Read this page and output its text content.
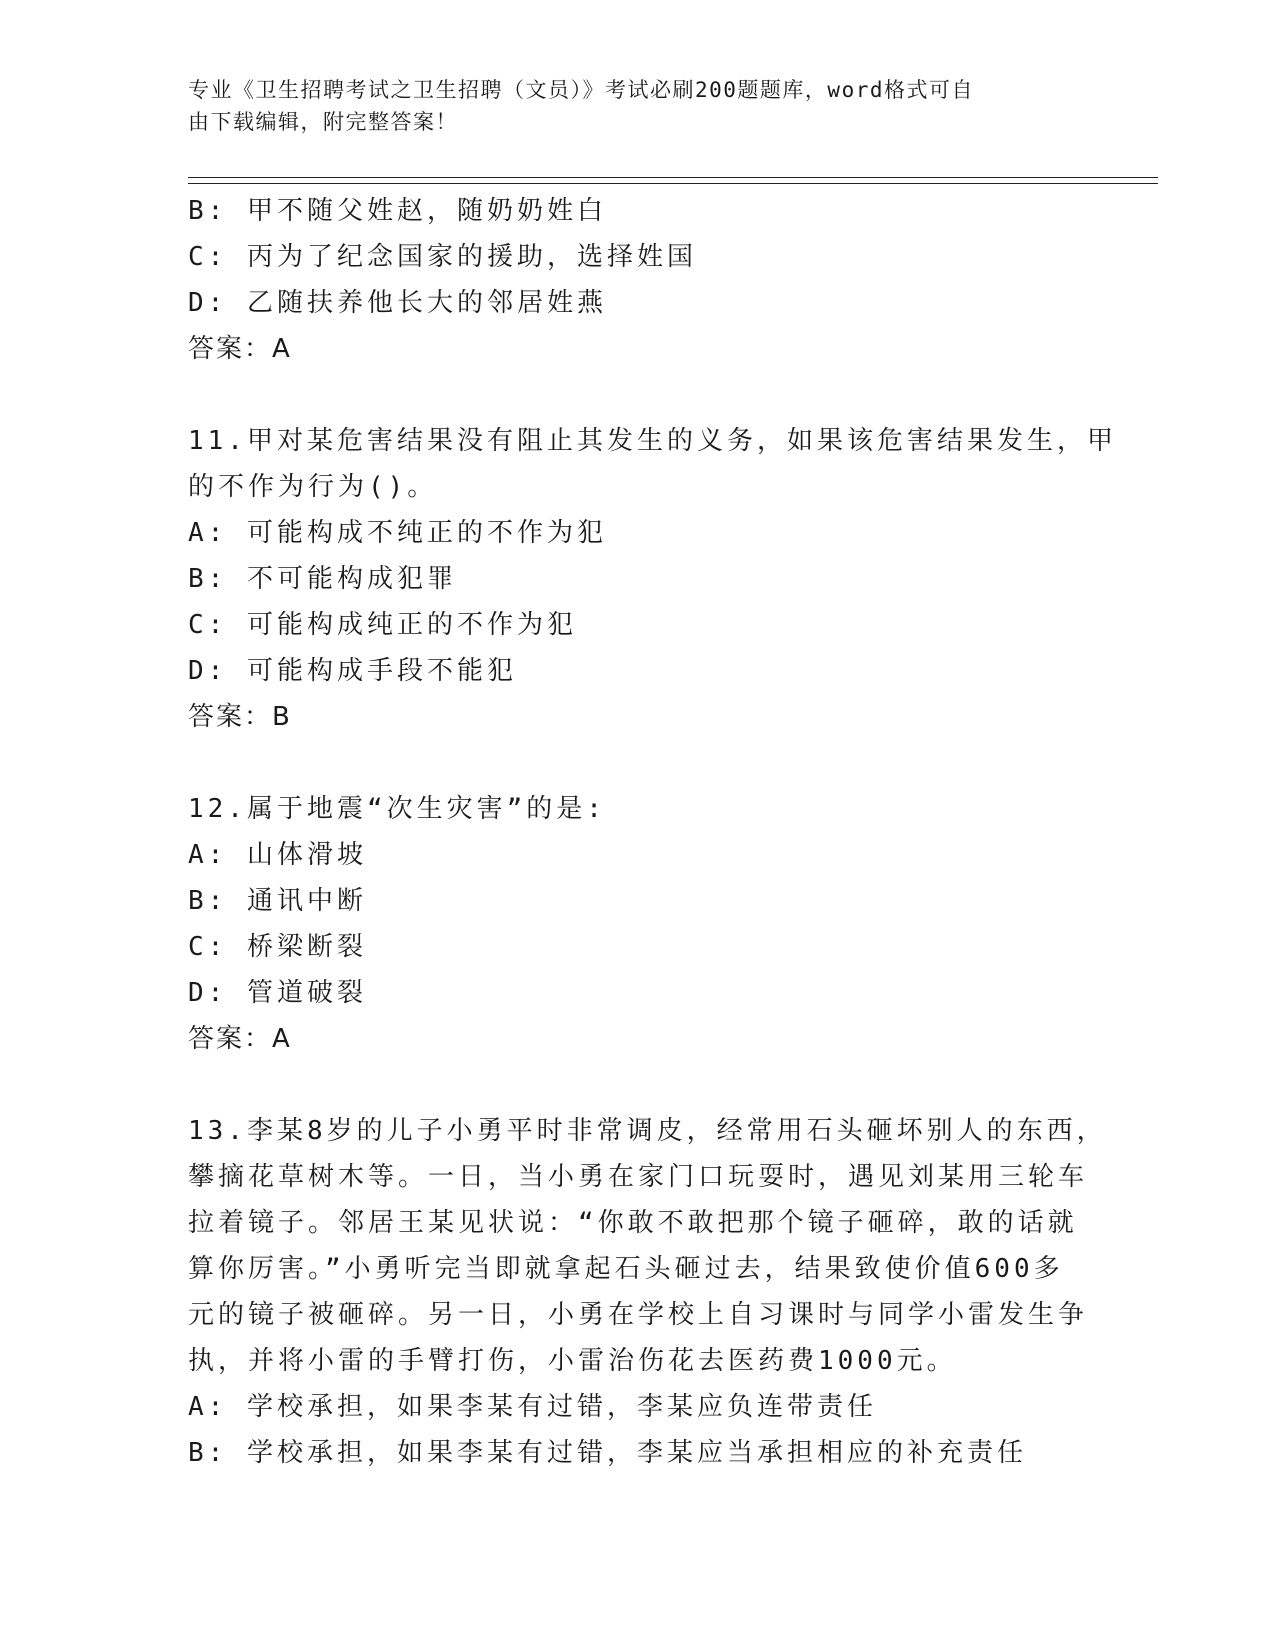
专业《卫生招聘考试之卫生招聘（文员）》考试必刷200题题库，word格式可自
由下载编辑，附完整答案！
B: 甲不随父姓赵，随奶奶姓白
C: 丙为了纪念国家的援助，选择姓国
D: 乙随扶养他长大的邻居姓燕
答案：A
11.甲对某危害结果没有阻止其发生的义务，如果该危害结果发生，甲
的不作为行为()。
A: 可能构成不纯正的不作为犯
B: 不可能构成犯罪
C: 可能构成纯正的不作为犯
D: 可能构成手段不能犯
答案：B
12.属于地震“次生灾害”的是:
A: 山体滑坡
B: 通讯中断
C: 桥梁断裂
D: 管道破裂
答案：A
13.李某8岁的儿子小勇平时非常调皮，经常用石头砸坏别人的东西，
攀摘花草树木等。一日，当小勇在家门口玩耍时，遇见刘某用三轮车
拉着镜子。邻居王某见状说：“你敢不敢把那个镜子砸碎，敢的话就
算你厉害。”小勇听完当即就拿起石头砸过去，结果致使价值600多
元的镜子被砸碎。另一日，小勇在学校上自习课时与同学小雷发生争
执，并将小雷的手臂打伤，小雷治伤花去医药费1000元。
A: 学校承担，如果李某有过错，李某应负连带责任
B: 学校承担，如果李某有过错，李某应当承担相应的补充责任
